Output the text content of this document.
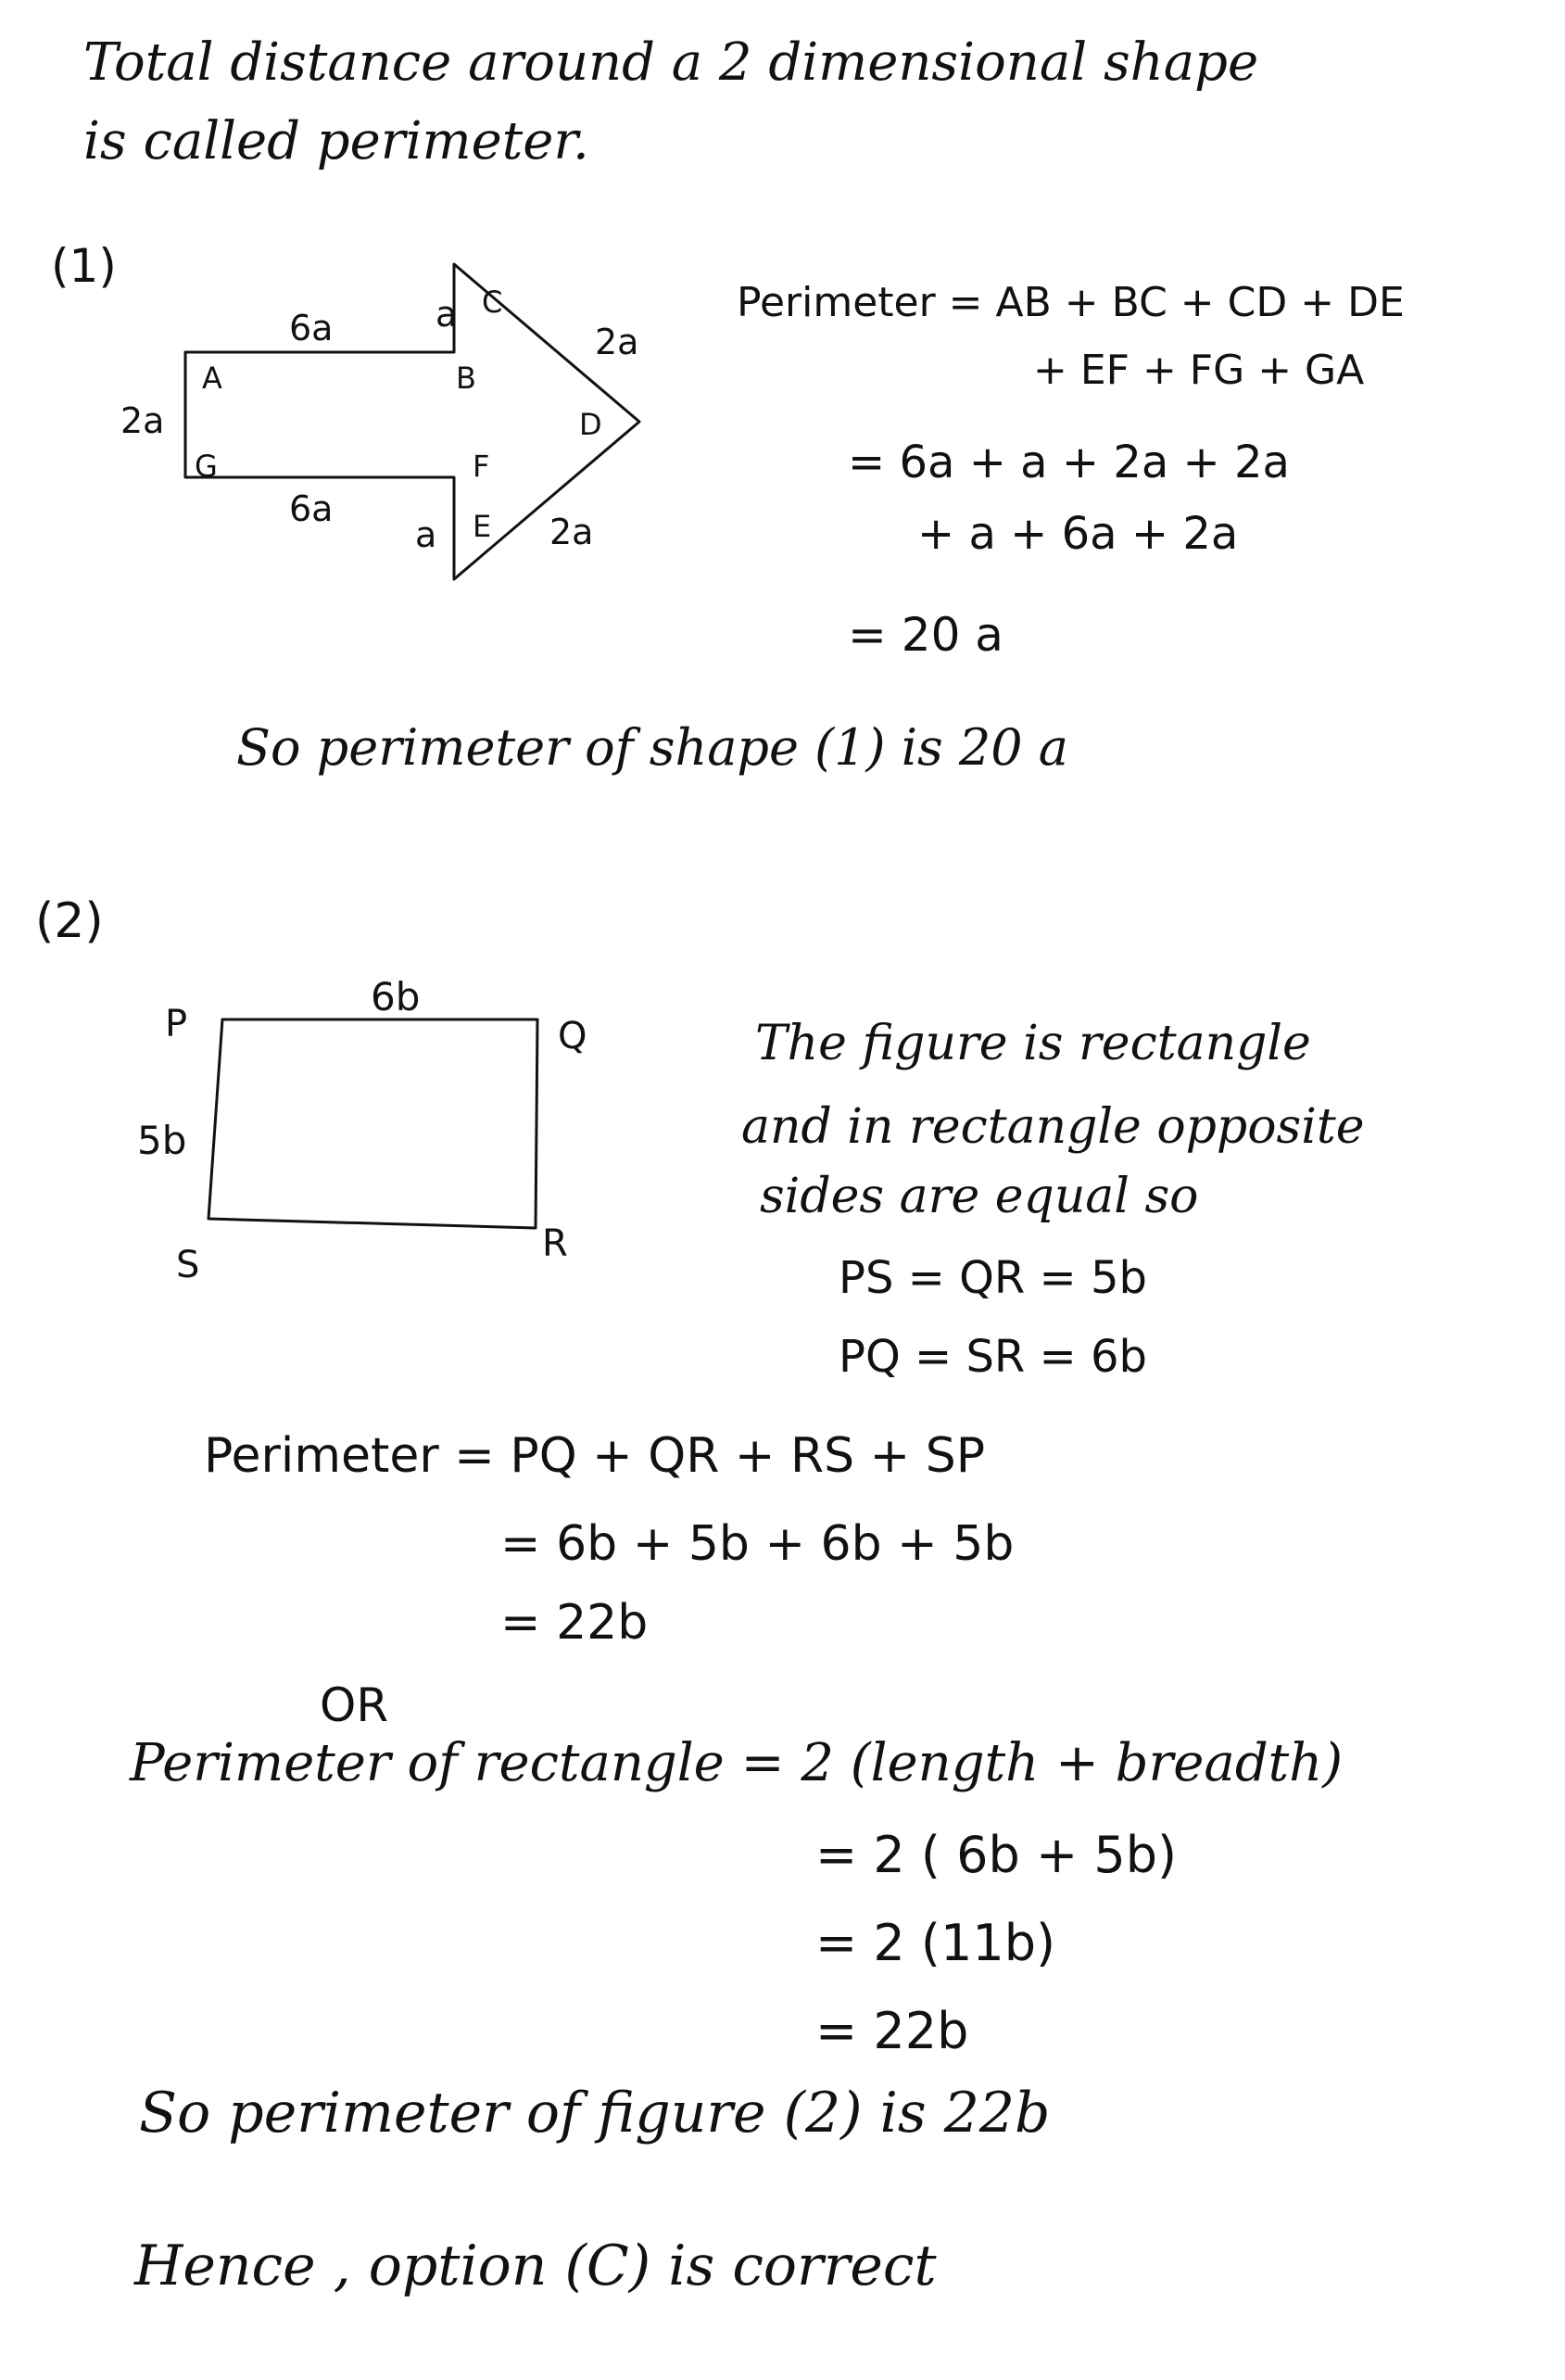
Total distance around a 2 dimensional shape
is called perimeter.
(1)
A	B
C
D
E
F
G
6a
6a
2a
a
a
2a
2a
Perimeter = AB + BC + CD + DE
+ EF + FG + GA
= 6a + a + 2a + 2a
+ a + 6a + 2a
= 20 a
So perimeter of shape (1) is 20 a
(2)
P	Q
R
S
6b
5b
The figure is rectangle
and in rectangle opposite
sides are equal so
PS = QR = 5b
PQ = SR = 6b
Perimeter = PQ + QR + RS + SP
= 6b + 5b + 6b + 5b
= 22b
OR
Perimeter of rectangle = 2 (length + breadth)
= 2 ( 6b + 5b)
= 2 (11b)
= 22b
So perimeter of figure (2) is 22b
Hence , option (C) is correct
